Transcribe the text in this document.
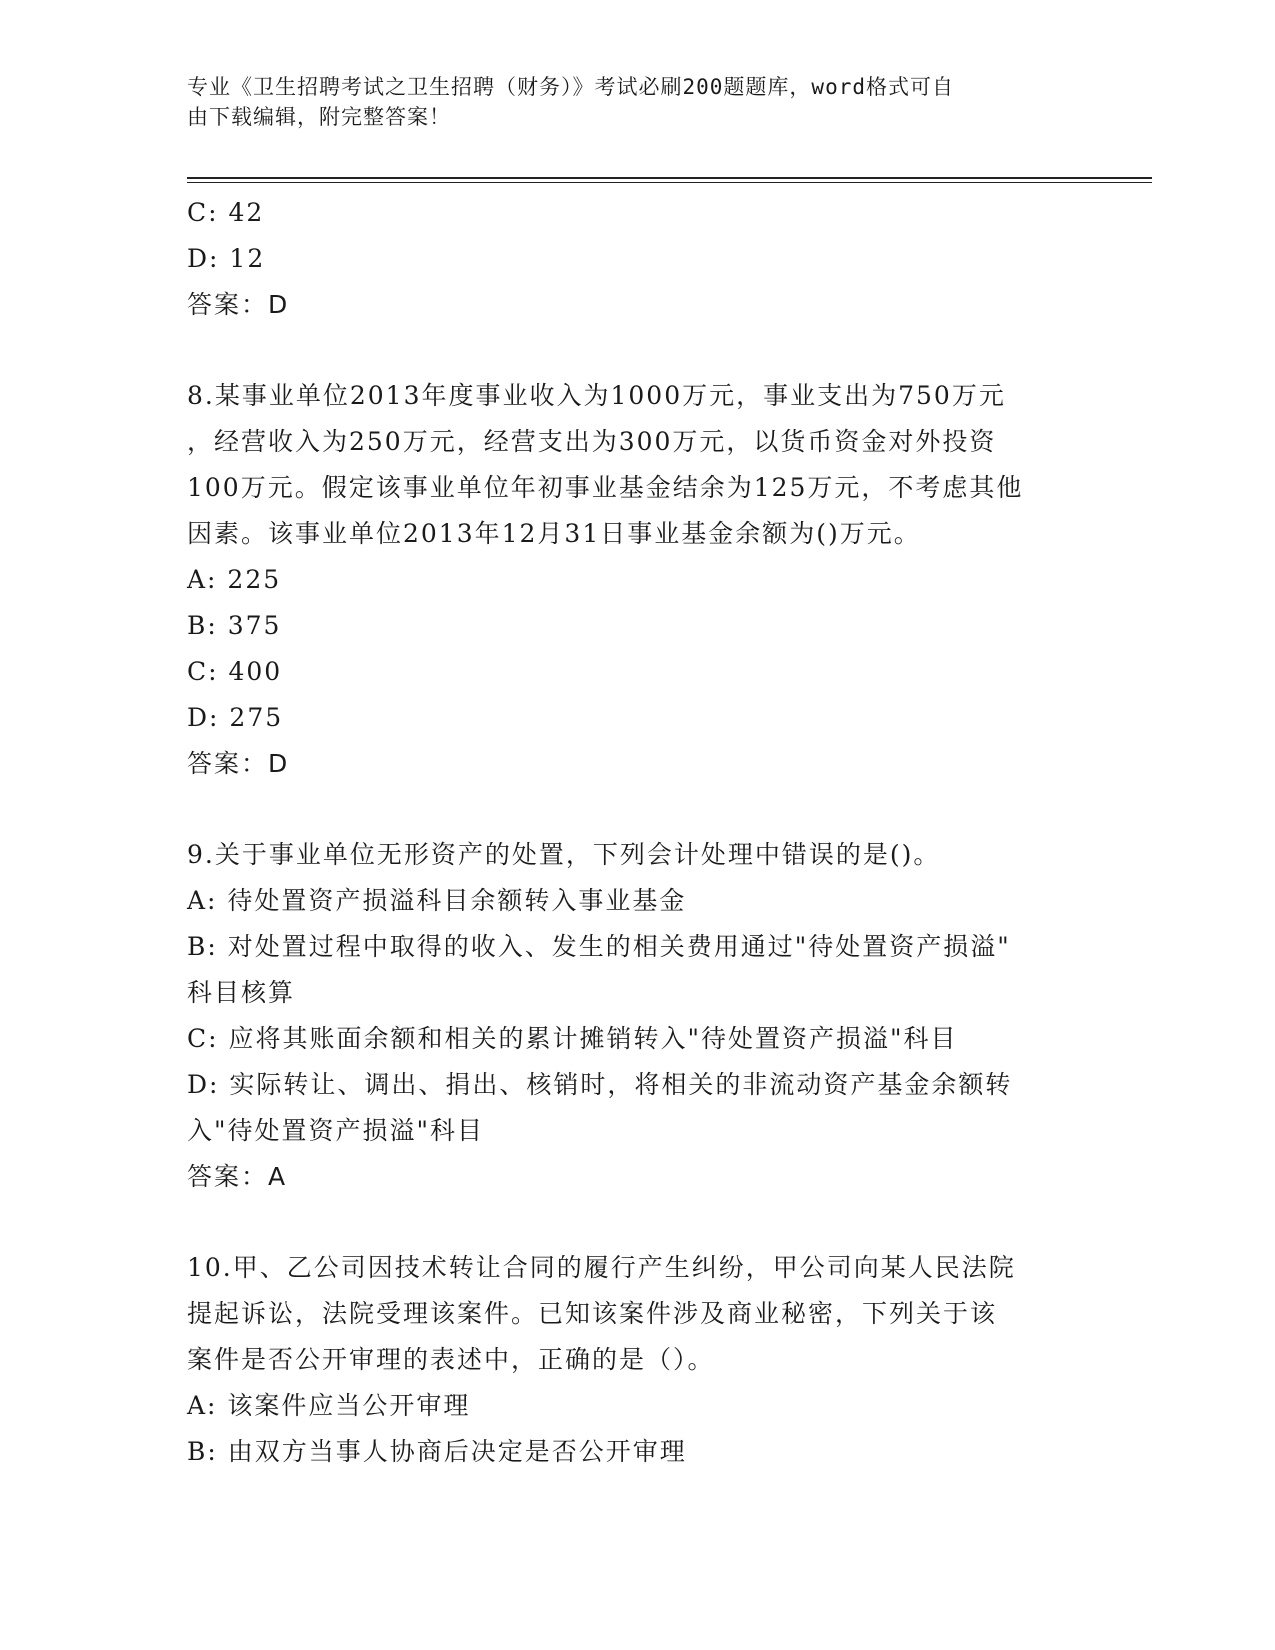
专业《卫生招聘考试之卫生招聘（财务）》考试必刷200题题库，word格式可自
由下载编辑，附完整答案！
C: 42
D: 12
答案：D
8.某事业单位2013年度事业收入为1000万元，事业支出为750万元
，经营收入为250万元，经营支出为300万元，以货币资金对外投资
100万元。假定该事业单位年初事业基金结余为125万元，不考虑其他
因素。该事业单位2013年12月31日事业基金余额为()万元。
A: 225
B: 375
C: 400
D: 275
答案：D
9.关于事业单位无形资产的处置，下列会计处理中错误的是()。
A: 待处置资产损溢科目余额转入事业基金
B: 对处置过程中取得的收入、发生的相关费用通过"待处置资产损溢"
科目核算
C: 应将其账面余额和相关的累计摊销转入"待处置资产损溢"科目
D: 实际转让、调出、捐出、核销时，将相关的非流动资产基金余额转
入"待处置资产损溢"科目
答案：A
10.甲、乙公司因技术转让合同的履行产生纠纷，甲公司向某人民法院
提起诉讼，法院受理该案件。已知该案件涉及商业秘密，下列关于该
案件是否公开审理的表述中，正确的是（）。
A: 该案件应当公开审理
B: 由双方当事人协商后决定是否公开审理
